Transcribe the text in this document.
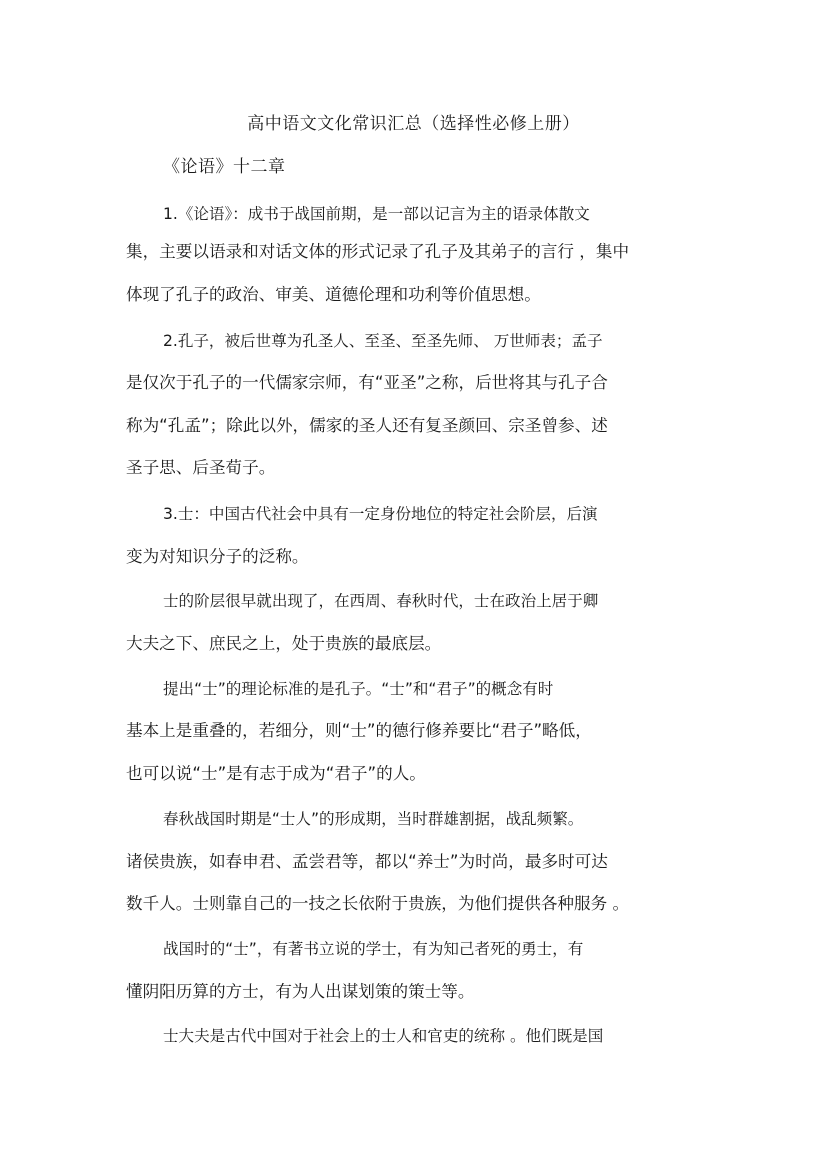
高中语文文化常识汇总（选择性必修上册）
《论语》十二章
1.《论语》：成书于战国前期，是一部以记言为主的语录体散文
集，主要以语录和对话文体的形式记录了孔子及其弟子的言行 ，集中
体现了孔子的政治、审美、道德伦理和功利等价值思想。
2.孔子，被后世尊为孔圣人、至圣、至圣先师、 万世师表；孟子
是仅次于孔子的一代儒家宗师，有“亚圣”之称，后世将其与孔子合
称为“孔孟”；除此以外，儒家的圣人还有复圣颜回、宗圣曾参、述
圣子思、后圣荀子。
3.士：中国古代社会中具有一定身份地位的特定社会阶层，后演
变为对知识分子的泛称。
士的阶层很早就出现了，在西周、春秋时代，士在政治上居于卿
大夫之下、庶民之上，处于贵族的最底层。
提出“士”的理论标准的是孔子。“士”和“君子”的概念有时
基本上是重叠的，若细分，则“士”的德行修养要比“君子”略低，
也可以说“士”是有志于成为“君子”的人。
春秋战国时期是“士人”的形成期，当时群雄割据，战乱频繁。
诸侯贵族，如春申君、孟尝君等，都以“养士”为时尚，最多时可达
数千人。士则靠自己的一技之长依附于贵族，为他们提供各种服务 。
战国时的“士”，有著书立说的学士，有为知己者死的勇士，有
懂阴阳历算的方士，有为人出谋划策的策士等。
士大夫是古代中国对于社会上的士人和官吏的统称 。他们既是国
